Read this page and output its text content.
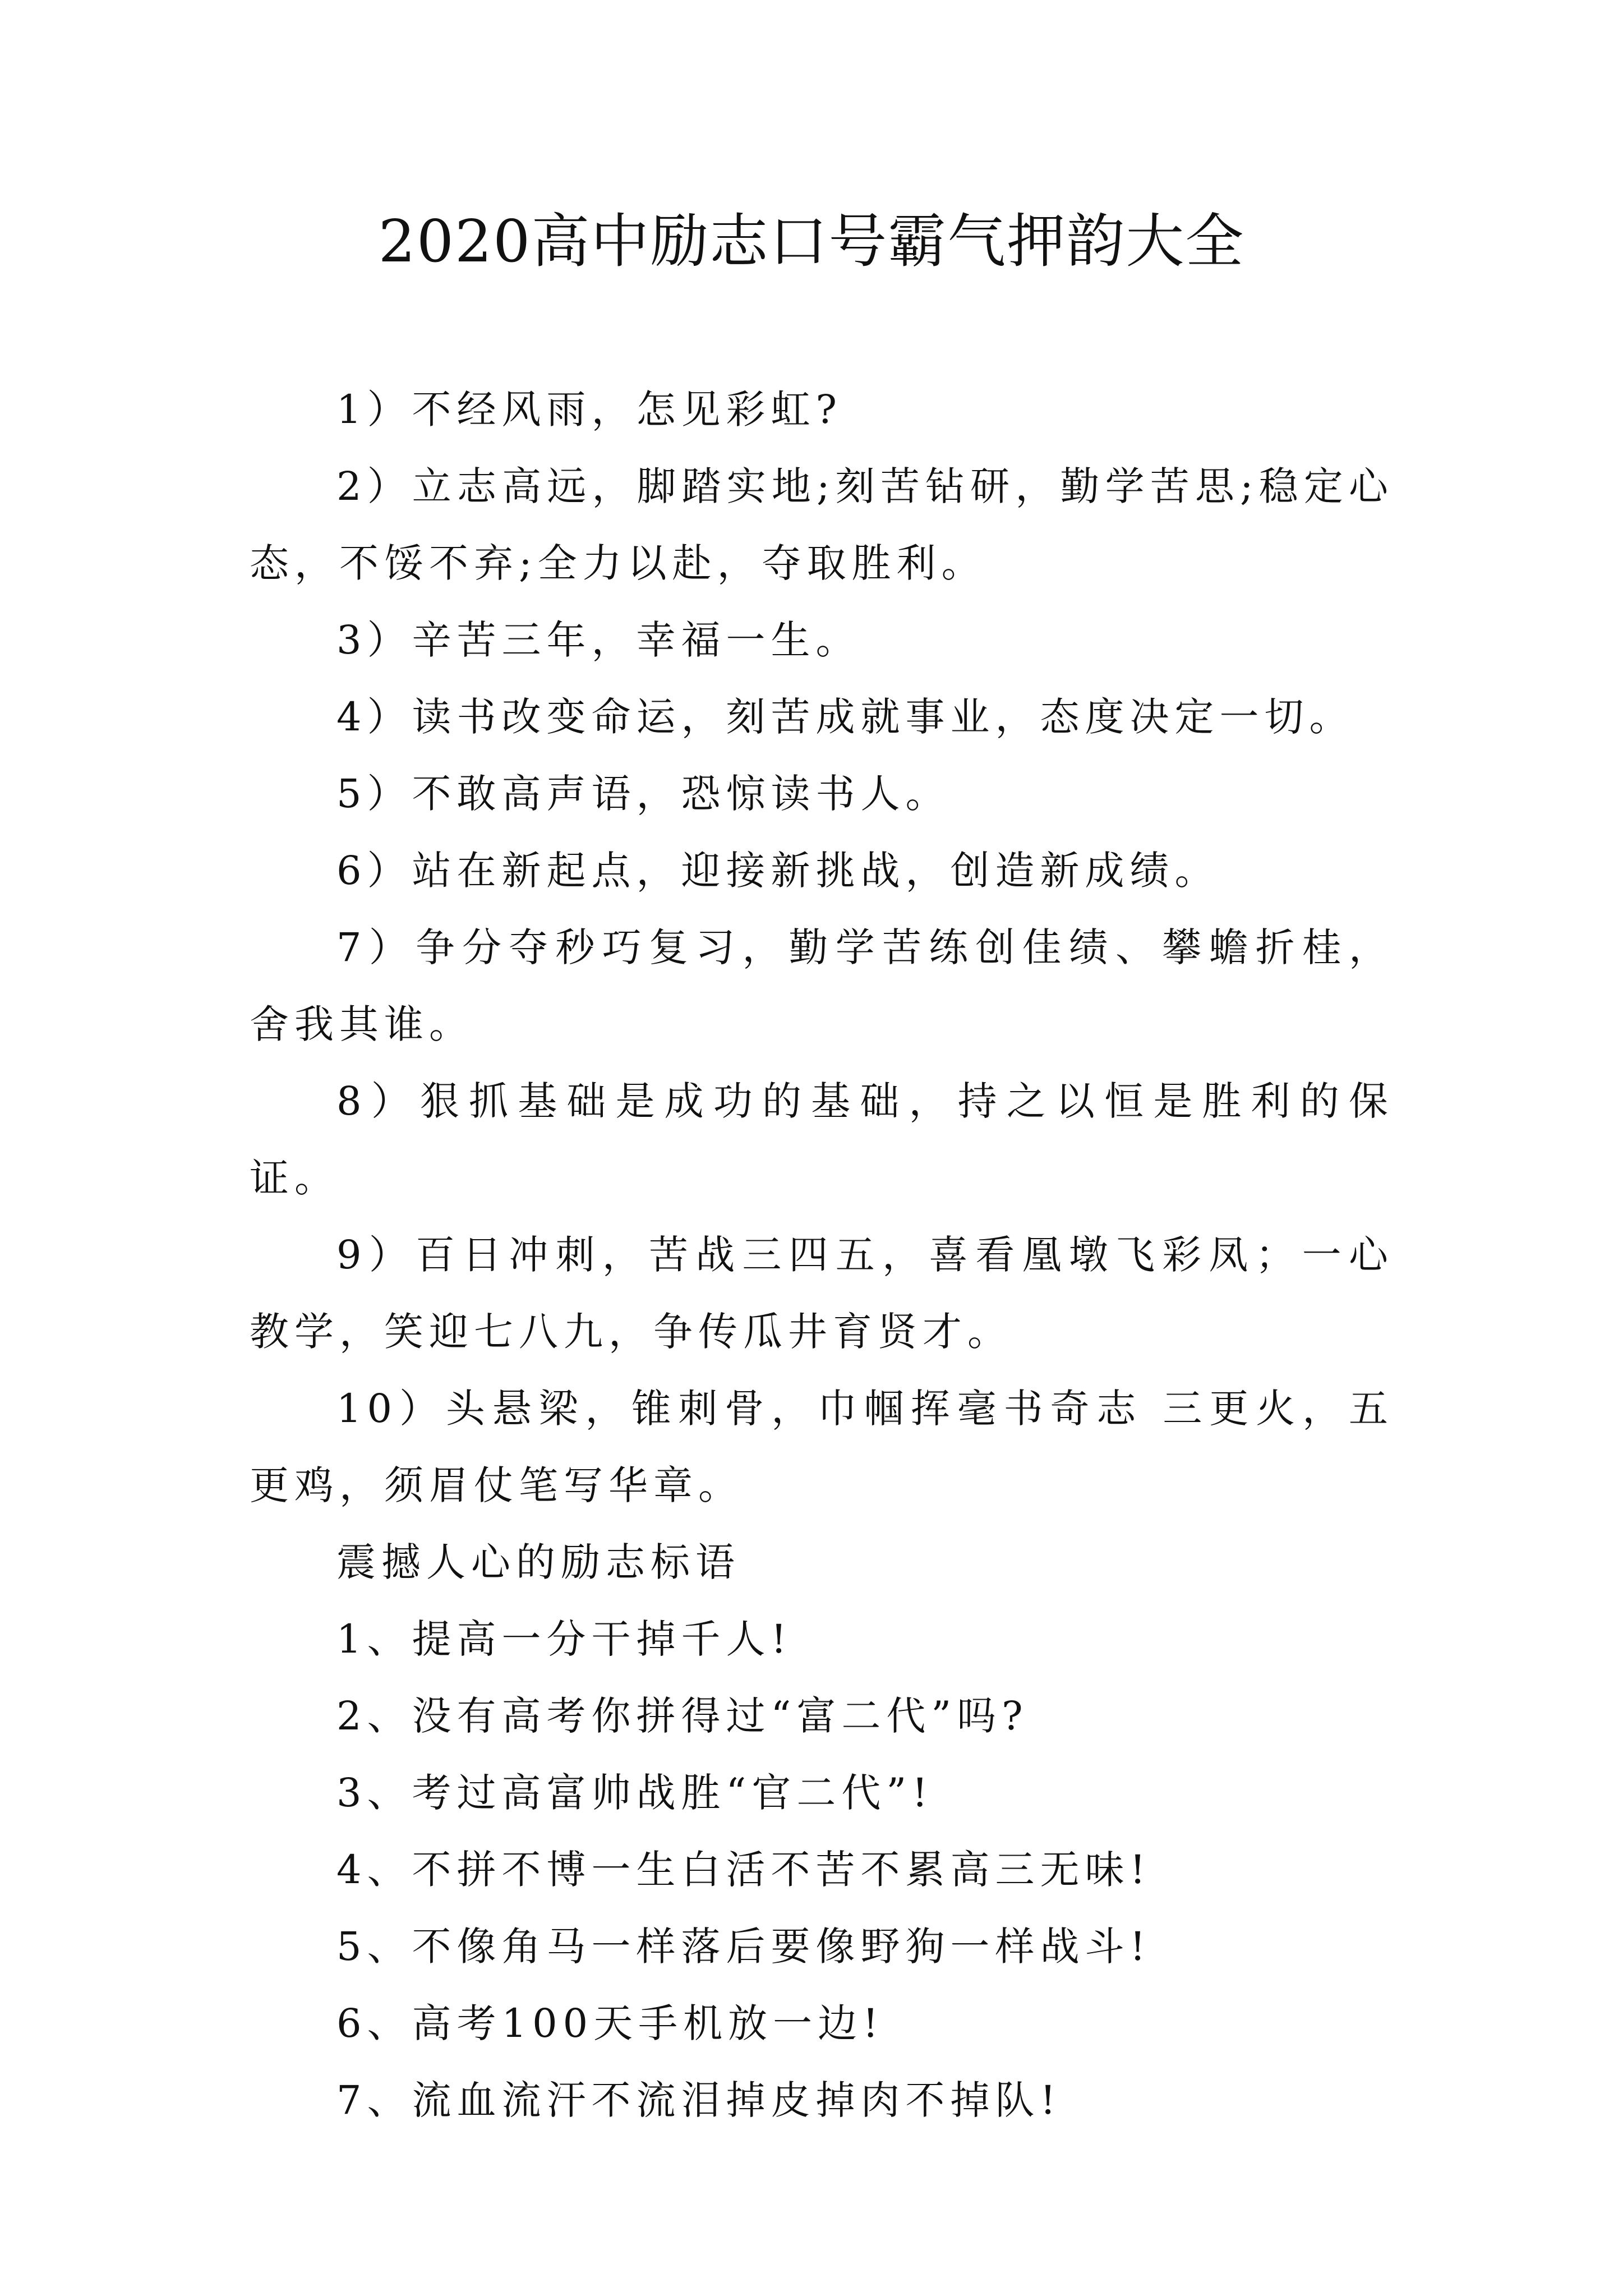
2020高中励志口号霸气押韵大全

1）不经风雨，怎见彩虹?

2）立志高远，脚踏实地;刻苦钻研，勤学苦思;稳定心态，不馁不弃;全力以赴，夺取胜利。

3）辛苦三年，幸福一生。

4）读书改变命运，刻苦成就事业，态度决定一切。

5）不敢高声语，恐惊读书人。

6）站在新起点，迎接新挑战，创造新成绩。

7）争分夺秒巧复习，勤学苦练创佳绩、攀蟾折桂，舍我其谁。

8）狠抓基础是成功的基础，持之以恒是胜利的保证。

9）百日冲刺，苦战三四五，喜看凰墩飞彩凤；一心教学，笑迎七八九，争传瓜井育贤才。

10）头悬梁，锥刺骨，巾帼挥毫书奇志 三更火，五更鸡，须眉仗笔写华章。

震撼人心的励志标语

1、提高一分干掉千人!

2、没有高考你拼得过“富二代”吗?

3、考过高富帅战胜“官二代”!

4、不拼不博一生白活不苦不累高三无味!

5、不像角马一样落后要像野狗一样战斗!

6、高考100天手机放一边!

7、流血流汗不流泪掉皮掉肉不掉队!
